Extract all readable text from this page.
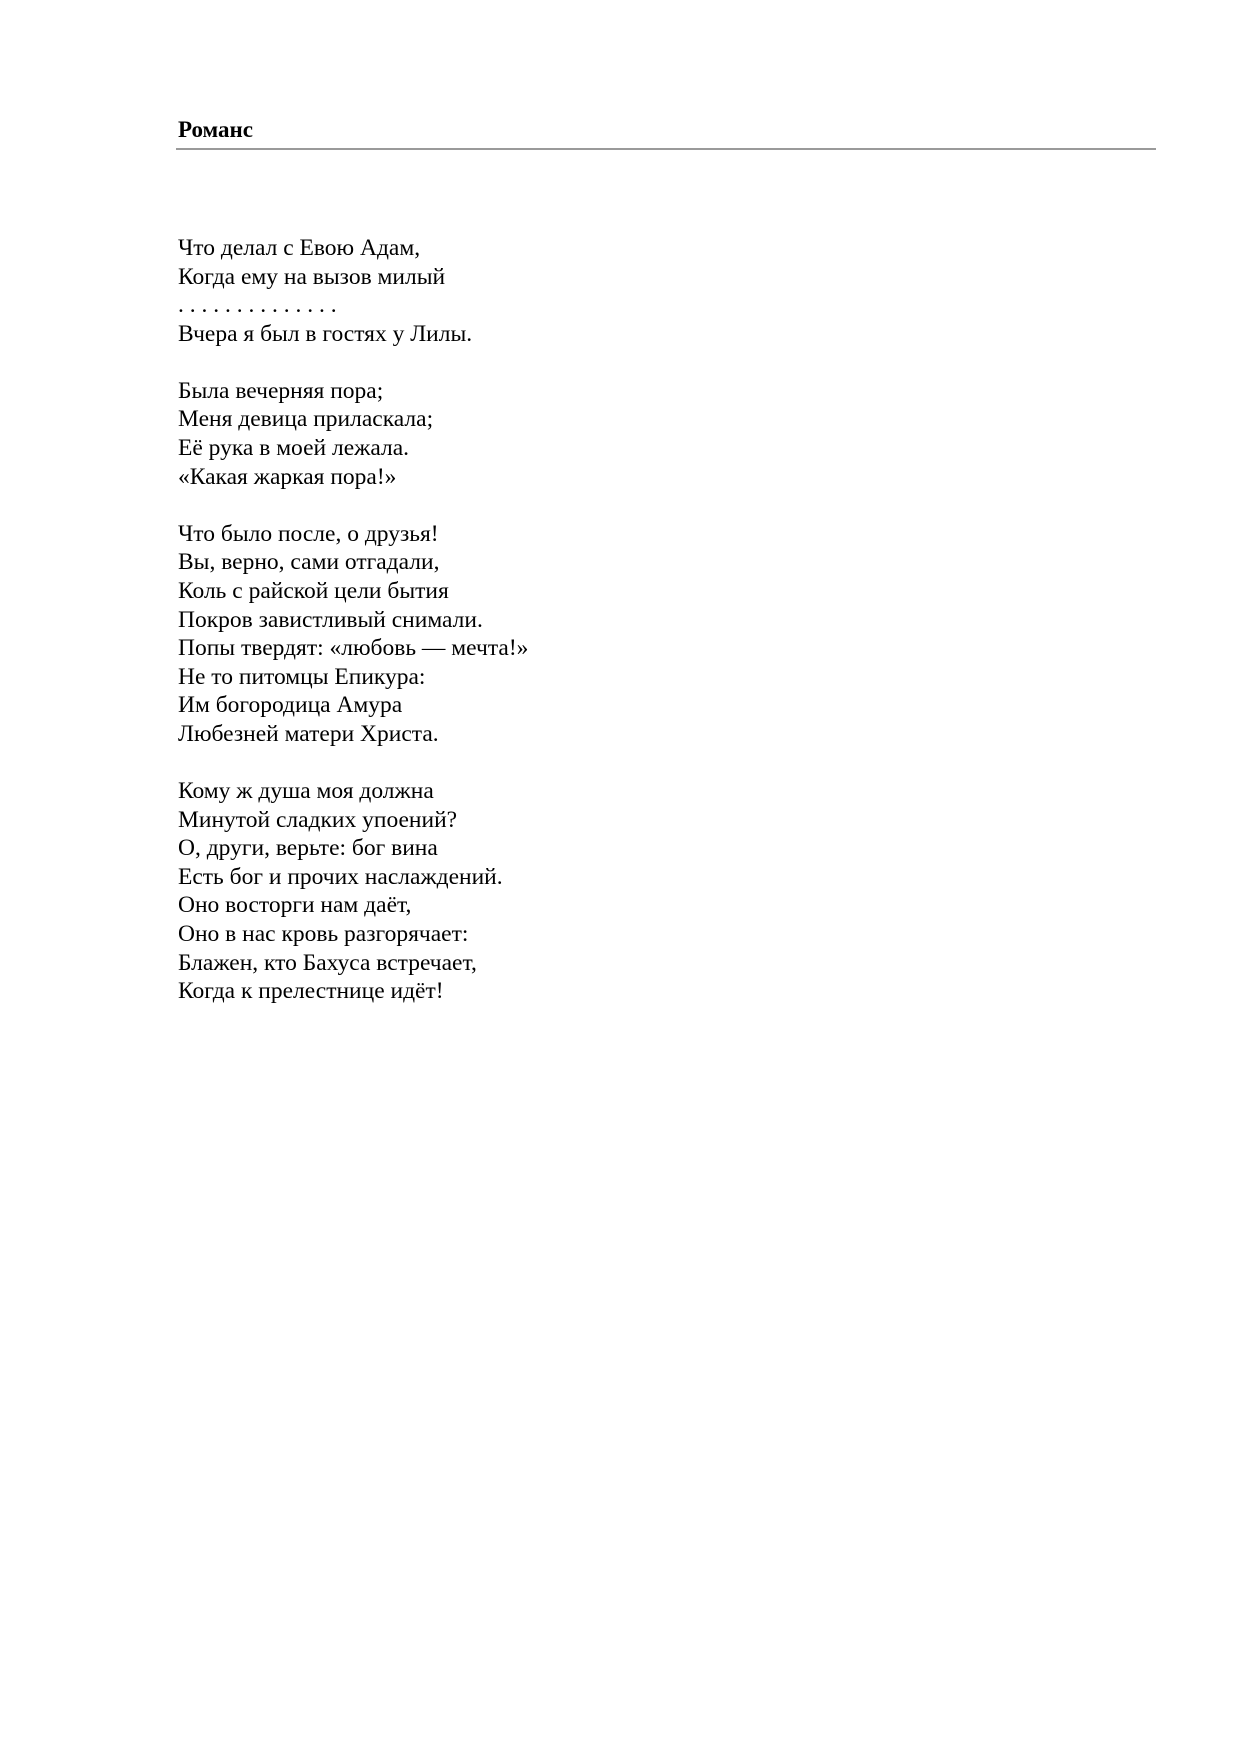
Романс
Что делал с Евою Адам,
Когда ему на вызов милый
. . . . . . . . . . . . . .
Вчера я был в гостях у Лилы.
Была вечерняя пора;
Меня девица приласкала;
Её рука в моей лежала.
«Какая жаркая пора!»
Что было после, о друзья!
Вы, верно, сами отгадали,
Коль с райской цели бытия
Покров завистливый снимали.
Попы твердят: «любовь — мечта!»
Не то питомцы Епикура:
Им богородица Амура
Любезней матери Христа.
Кому ж душа моя должна
Минутой сладких упоений?
О, други, верьте: бог вина
Есть бог и прочих наслаждений.
Оно восторги нам даёт,
Оно в нас кровь разгорячает:
Блажен, кто Бахуса встречает,
Когда к прелестнице идёт!
